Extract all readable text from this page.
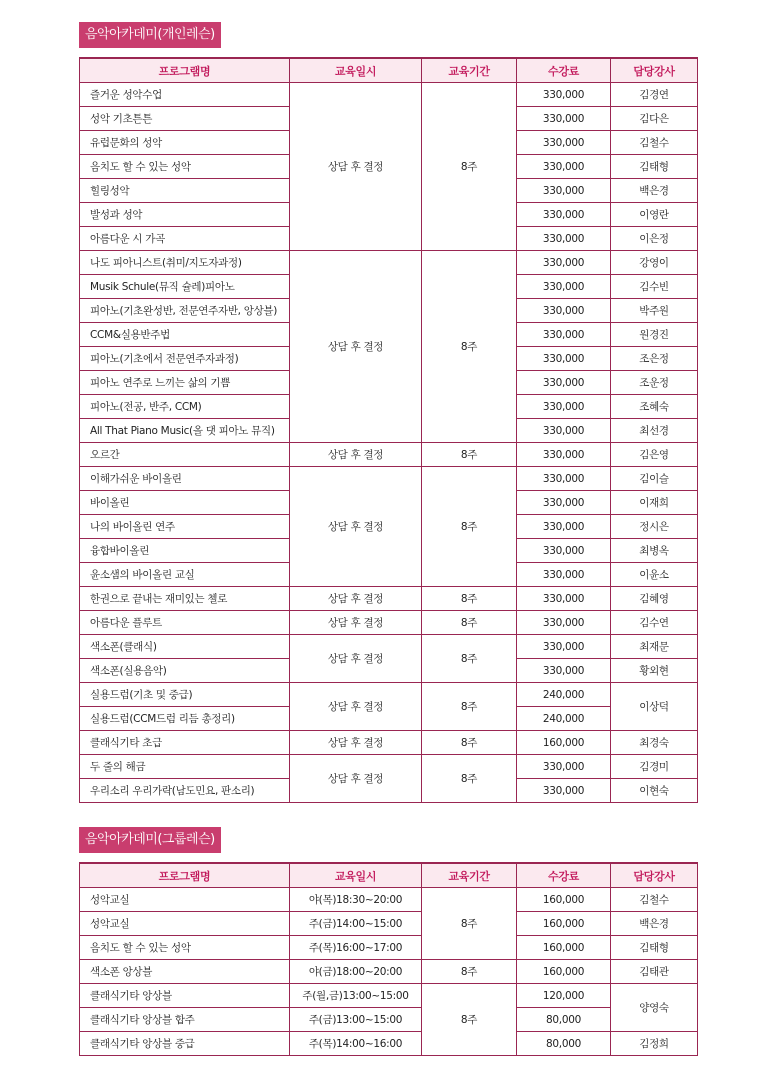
음악아카데미(개인레슨)
프로그램명	교육일시	교육기간	수강료	담당강사
즐거운 성악수업	상담 후 결정	8주	330,000	김경연
성악 기초튼튼			330,000	김다은
유럽문화의 성악			330,000	김철수
음치도 할 수 있는 성악			330,000	김태형
힐링성악			330,000	백은경
발성과 성악			330,000	이영란
아름다운 시 가곡			330,000	이은정
나도 피아니스트(취미/지도자과정)	상담 후 결정	8주	330,000	강영이
Musik Schule(뮤직 슐레)피아노			330,000	김수빈
피아노(기초완성반, 전문연주자반, 앙상블)			330,000	박주원
CCM&실용반주법			330,000	원경진
피아노(기초에서 전문연주자과정)			330,000	조은정
피아노 연주로 느끼는 삶의 기쁨			330,000	조운정
피아노(전공, 반주, CCM)			330,000	조혜숙
All That Piano Music(올 댓 피아노 뮤직)			330,000	최선경
오르간	상담 후 결정	8주	330,000	김은영
이해가쉬운 바이올린	상담 후 결정	8주	330,000	김이슬
바이올린			330,000	이재희
나의 바이올린 연주			330,000	정시은
융합바이올린			330,000	최병옥
윤소샘의 바이올린 교실			330,000	이윤소
한권으로 끝내는 재미있는 첼로	상담 후 결정	8주	330,000	김혜영
아름다운 플루트	상담 후 결정	8주	330,000	김수연
색소폰(클래식)	상담 후 결정	8주	330,000	최재문
색소폰(실용음악)			330,000	황외현
실용드럼(기초 및 중급)	상담 후 결정	8주	240,000	이상덕
실용드럼(CCM드럼 리듬 총정리)			240,000	
클래식기타 초급	상담 후 결정	8주	160,000	최경숙
두 줄의 해금	상담 후 결정	8주	330,000	김경미
우리소리 우리가락(남도민요, 판소리)			330,000	이현숙
음악아카데미(그룹레슨)
프로그램명	교육일시	교육기간	수강료	담당강사
성악교실	야(목)18:30~20:00	8주	160,000	김철수
성악교실	주(금)14:00~15:00		160,000	백은경
음치도 할 수 있는 성악	주(목)16:00~17:00		160,000	김태형
색소폰 앙상블	야(금)18:00~20:00	8주	160,000	김태관
클래식기타 앙상블	주(월,금)13:00~15:00	8주	120,000	양영숙
클래식기타 앙상블 합주	주(금)13:00~15:00		80,000	
클래식기타 앙상블 중급	주(목)14:00~16:00		80,000	김정희
